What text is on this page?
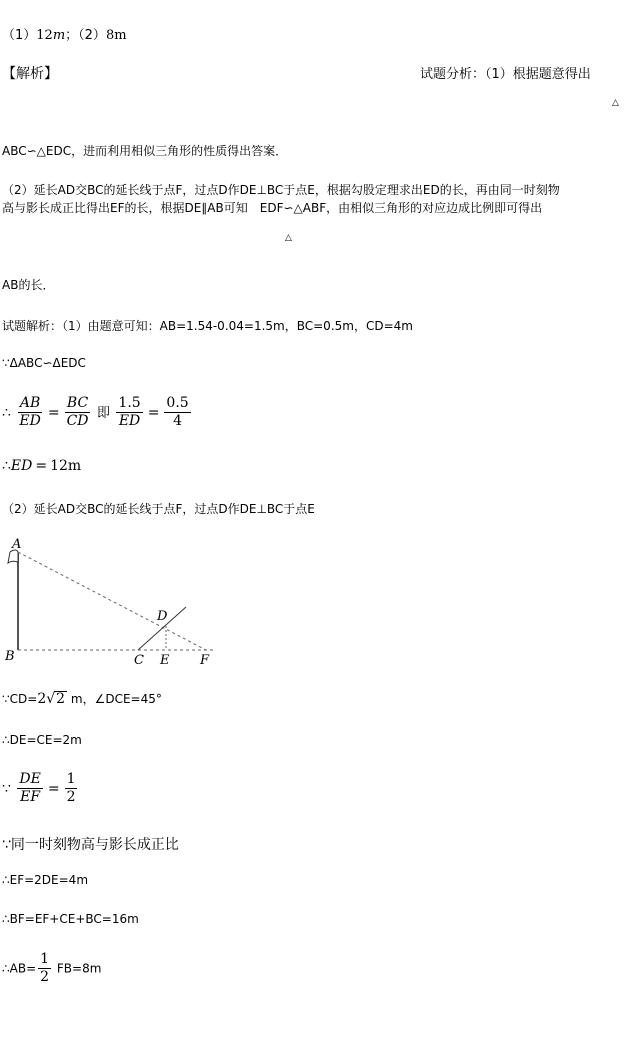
（1）12m；（2）8m
【解析】	试题分析：（1）根据题意得出
△
ABC∽△EDC，进而利用相似三角形的性质得出答案．
（2）延长AD交BC的延长线于点F，过点D作DE⊥BC于点E，根据勾股定理求出ED的长，再由同一时刻物
高与影长成正比得出EF的长，根据DE∥AB可知　EDF∽△ABF，由相似三角形的对应边成比例即可得出
△
AB的长．
试题解析：（1）由题意可知：AB=1.54-0.04=1.5m，BC=0.5m，CD=4m
∵ΔABC∽ΔEDC
∴ $\frac{AB}{ED} = \frac{BC}{CD}$ 即 $\frac{1.5}{ED} = \frac{0.5}{4}$
∴ED = 12m
（2）延长AD交BC的延长线于点F，过点D作DE⊥BC于点E
A
B	C
D
E F
∵CD=2√2 m，∠DCE=45°
∴DE=CE=2m
∵ $\frac{DE}{EF} = \frac{1}{2}$
∵同一时刻物高与影长成正比
∴EF=2DE=4m
∴BF=EF+CE+BC=16m
∴AB= $\frac{1}{2} FB=8m$
